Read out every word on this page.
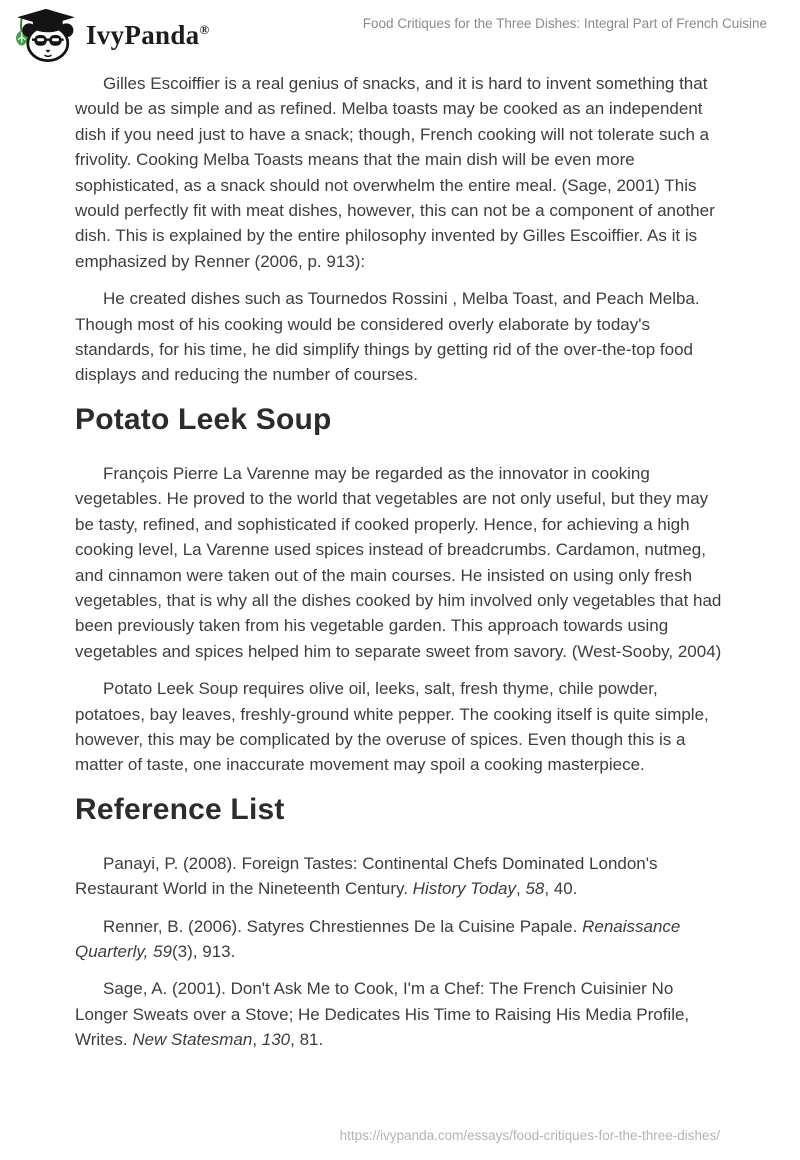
IvyPanda®	Food Critiques for the Three Dishes: Integral Part of French Cuisine

Gilles Escoiffier is a real genius of snacks, and it is hard to invent something that would be as simple and as refined. Melba toasts may be cooked as an independent dish if you need just to have a snack; though, French cooking will not tolerate such a frivolity. Cooking Melba Toasts means that the main dish will be even more sophisticated, as a snack should not overwhelm the entire meal. (Sage, 2001) This would perfectly fit with meat dishes, however, this can not be a component of another dish. This is explained by the entire philosophy invented by Gilles Escoiffier. As it is emphasized by Renner (2006, p. 913):

He created dishes such as Tournedos Rossini , Melba Toast, and Peach Melba. Though most of his cooking would be considered overly elaborate by today's standards, for his time, he did simplify things by getting rid of the over-the-top food displays and reducing the number of courses.

Potato Leek Soup

François Pierre La Varenne may be regarded as the innovator in cooking vegetables. He proved to the world that vegetables are not only useful, but they may be tasty, refined, and sophisticated if cooked properly. Hence, for achieving a high cooking level, La Varenne used spices instead of breadcrumbs. Cardamon, nutmeg, and cinnamon were taken out of the main courses. He insisted on using only fresh vegetables, that is why all the dishes cooked by him involved only vegetables that had been previously taken from his vegetable garden. This approach towards using vegetables and spices helped him to separate sweet from savory. (West-Sooby, 2004)

Potato Leek Soup requires olive oil, leeks, salt, fresh thyme, chile powder, potatoes, bay leaves, freshly-ground white pepper. The cooking itself is quite simple, however, this may be complicated by the overuse of spices. Even though this is a matter of taste, one inaccurate movement may spoil a cooking masterpiece.

Reference List

Panayi, P. (2008). Foreign Tastes: Continental Chefs Dominated London's Restaurant World in the Nineteenth Century. History Today, 58, 40.

Renner, B. (2006). Satyres Chrestiennes De la Cuisine Papale. Renaissance Quarterly, 59(3), 913.

Sage, A. (2001). Don't Ask Me to Cook, I'm a Chef: The French Cuisinier No Longer Sweats over a Stove; He Dedicates His Time to Raising His Media Profile, Writes. New Statesman, 130, 81.

https://ivypanda.com/essays/food-critiques-for-the-three-dishes/
